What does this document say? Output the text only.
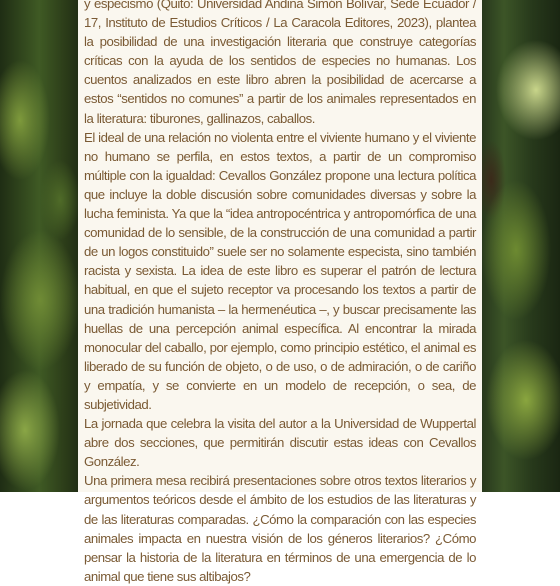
y especismo (Quito: Universidad Andina Simón Bolívar, Sede Ecuador / 17, Instituto de Estudios Críticos / La Caracola Editores, 2023), plantea la posibilidad de una investigación literaria que construye categorías críticas con la ayuda de los sentidos de especies no humanas. Los cuentos analizados en este libro abren la posibilidad de acercarse a estos “sentidos no comunes” a partir de los animales representados en la literatura: tiburones, gallinazos, caballos.

El ideal de una relación no violenta entre el viviente humano y el viviente no humano se perfila, en estos textos, a partir de un compromiso múltiple con la igualdad: Cevallos González propone una lectura política que incluye la doble discusión sobre comunidades diversas y sobre la lucha feminista. Ya que la “idea antropocéntrica y antropomórfica de una comunidad de lo sensible, de la construcción de una comunidad a partir de un logos constituido” suele ser no solamente especista, sino también racista y sexista. La idea de este libro es superar el patrón de lectura habitual, en que el sujeto receptor va procesando los textos a partir de una tradición humanista – la hermenéutica –, y buscar precisamente las huellas de una percepción animal específica. Al encontrar la mirada monocular del caballo, por ejemplo, como principio estético, el animal es liberado de su función de objeto, o de uso, o de admiración, o de cariño y empatía, y se convierte en un modelo de recepción, o sea, de subjetividad.

La jornada que celebra la visita del autor a la Universidad de Wuppertal abre dos secciones, que permitirán discutir estas ideas con Cevallos González.

Una primera mesa recibirá presentaciones sobre otros textos literarios y argumentos teóricos desde el ámbito de los estudios de las literaturas y de las literaturas comparadas. ¿Cómo la comparación con las especies animales impacta en nuestra visión de los géneros literarios? ¿Cómo pensar la historia de la literatura en términos de una emergencia de lo animal que tiene sus altibajos?
